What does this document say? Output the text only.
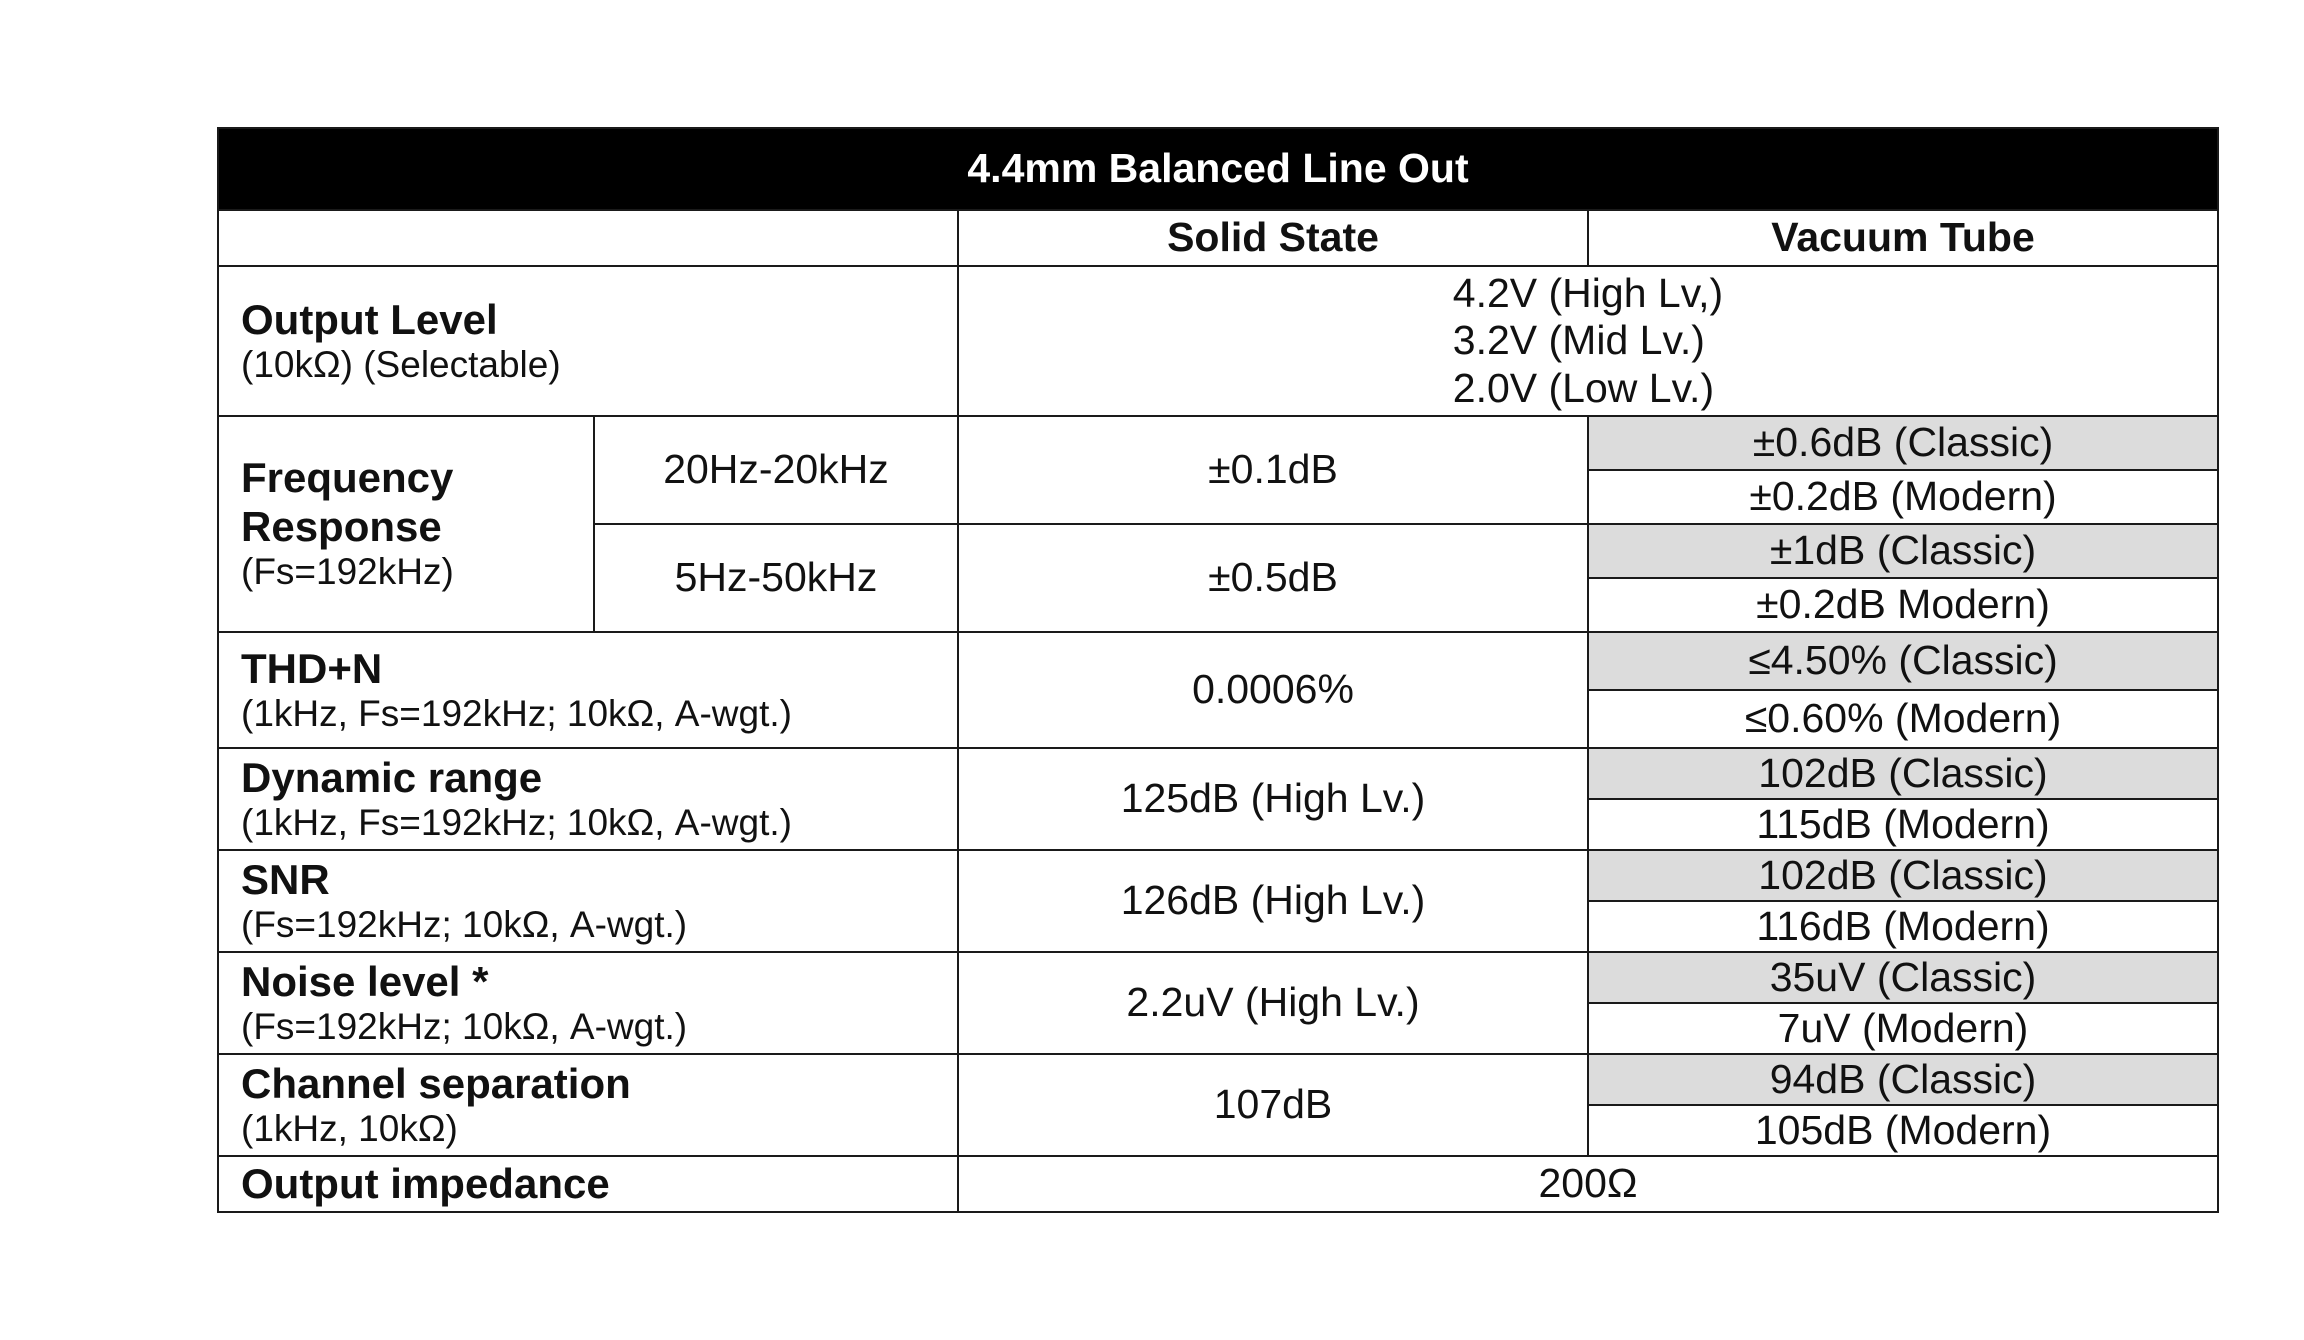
4.4mm Balanced Line Out			
		Solid State	Vacuum Tube

Output Level
(10kΩ) (Selectable)		4.2V (High Lv,)
3.2V (Mid Lv.)
2.0V (Low Lv.)	

Frequency
Response
(Fs=192kHz)	20Hz-20kHz	±0.1dB	±0.6dB (Classic)
			±0.2dB (Modern)
	5Hz-50kHz	±0.5dB	±1dB (Classic)
			±0.2dB Modern)

THD+N
(1kHz, Fs=192kHz; 10kΩ, A-wgt.)		0.0006%	≤4.50% (Classic)
			≤0.60% (Modern)

Dynamic range
(1kHz, Fs=192kHz; 10kΩ, A-wgt.)		125dB (High Lv.)	102dB (Classic)
			115dB (Modern)

SNR
(Fs=192kHz; 10kΩ, A-wgt.)		126dB (High Lv.)	102dB (Classic)
			116dB (Modern)

Noise level *
(Fs=192kHz; 10kΩ, A-wgt.)		2.2uV (High Lv.)	35uV (Classic)
			7uV (Modern)

Channel separation
(1kHz, 10kΩ)		107dB	94dB (Classic)
			105dB (Modern)

Output impedance		200Ω	
